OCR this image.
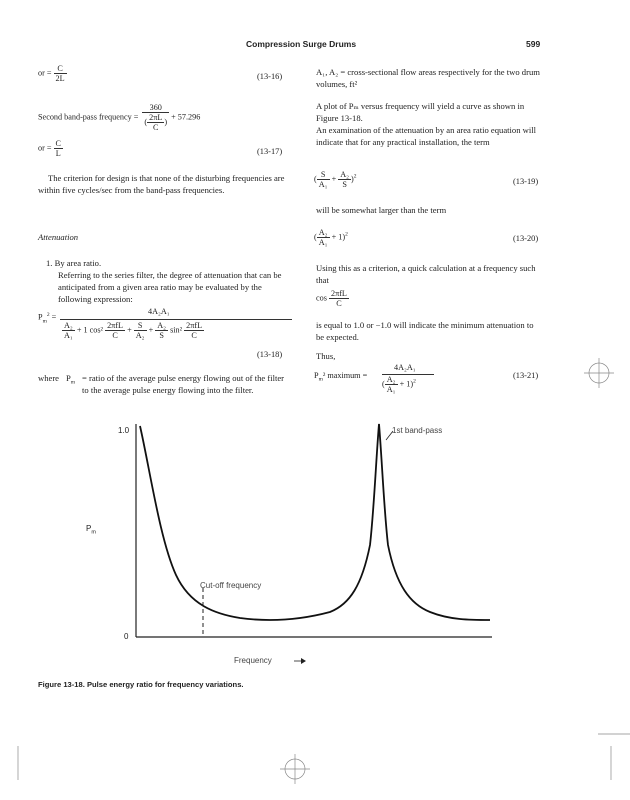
Compression Surge Drums	599
or = $\frac{C}{2L}$	(13-16)
Second band-pass frequency = $\frac{360}{( \frac{2\pi L}{C} )} + 57.296$
or = $\frac{C}{L}$	(13-17)
The criterion for design is that none of the disturbing frequencies are within five cycles/sec from the band-pass frequencies.
Attenuation
1. By area ratio.
Referring to the series filter, the degree of attenuation that can be anticipated from a given area ratio may be evaluated by the following expression:
$P_m^2$ =
4A₂A₁
$\frac{\text{A₂}}{\text{A₁}} + 1$ $\cos^2 \frac{\text{2πfL}}{C} + \frac{S}{\text{A₂}} + \frac{\text{A₂}}{S} \sin^2 \frac{\text{2πfL}}{C}$
(13-18)
where $P_m$ = ratio of the average pulse energy flowing out of the filter to the average pulse energy flowing into the filter.
A₁, A₂ = cross-sectional flow areas respectively for the two drum volumes, ft²
A plot of Pₘ versus frequency will yield a curve as shown in Figure 13-18.
An examination of the attenuation by an area ratio equation will indicate that for any practical installation, the term
( $\frac{S}{\text{A₁}} + \frac{\text{A₂}}{S} )^2$
(13-19)
will be somewhat larger than the term
( $\frac{\text{A₂}}{\text{A₁}} + 1)^2$	(13-20)
Using this as a criterion, a quick calculation at a frequency such that
$\cos \frac{\text{2πfL}}{C}$
is equal to 1.0 or −1.0 will indicate the minimum attenuation to be expected.
Thus,
$P_m^2$ maximum =
4A₂A₁
( $\frac{\text{A₂}}{\text{A₁}} + 1)^2$
(13-21)
1.0
0
$P_m$
Frequency
1st band-pass
Cut-off frequency
Figure 13-18. Pulse energy ratio for frequency variations.
